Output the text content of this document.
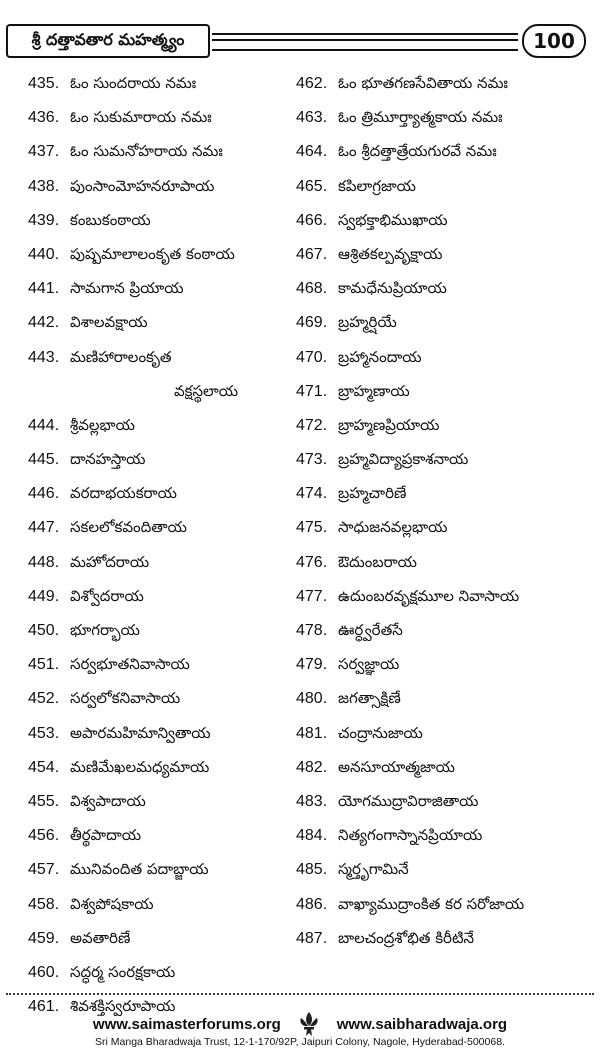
శ్రీ దత్తావతార మహత్మ్యం	100
435. ఓం సుందరాయ నమః
436. ఓం సుకుమారాయ నమః
437. ఓం సుమనోహరాయ నమః
438. పుంసాంమోహనరూపాయ
439. కంబుకంఠాయ
440. పుష్పమాలాలంకృత కంఠాయ
441. సామగాన ప్రియాయ
442. విశాలవక్షాయ
443. మణిహారాలంకృత
వక్షస్థలాయ
444. శ్రీవల్లభాయ
445. దానహస్తాయ
446. వరదాభయకరాయ
447. సకలలోకవందితాయ
448. మహోదరాయ
449. విశ్వోదరాయ
450. భూగర్భాయ
451. సర్వభూతనివాసాయ
452. సర్వలోకనివాసాయ
453. అపారమహిమాన్వితాయ
454. మణిమేఖలమధ్యమాయ
455. విశ్వపాదాయ
456. తీర్థపాదాయ
457. మునివందిత పదాబ్జాయ
458. విశ్వపోషకాయ
459. అవతారిణే
460. సద్ధర్మ సంరక్షకాయ
461. శివశక్తిస్వరూపాయ
462. ఓం భూతగణసేవితాయ నమః
463. ఓం త్రిమూర్త్యాత్మకాయ నమః
464. ఓం శ్రీదత్తాత్రేయగురవే నమః
465. కపిలాగ్రజాయ
466. స్వభక్తాభిముఖాయ
467. ఆశ్రితకల్పవృక్షాయ
468. కామధేనుప్రియాయ
469. బ్రహ్మర్షియే
470. బ్రహ్మానందాయ
471. బ్రాహ్మణాయ
472. బ్రాహ్మణప్రియాయ
473. బ్రహ్మవిద్యాప్రకాశనాయ
474. బ్రహ్మచారిణే
475. సాధుజనవల్లభాయ
476. ఔదుంబరాయ
477. ఉదుంబరవృక్షమూల నివాసాయ
478. ఊర్ధ్వరేతసే
479. సర్వజ్ఞాయ
480. జగత్సాక్షిణే
481. చంద్రానుజాయ
482. అనసూయాత్మజాయ
483. యోగముద్రావిరాజితాయ
484. నిత్యగంగాస్నానప్రియాయ
485. స్మర్తృగామినే
486. వాఖ్యాముద్రాంకిత కర సరోజాయ
487. బాలచంద్రశోభిత కిరీటినే
www.saimasterforums.org	www.saibharadwaja.org
Sri Manga Bharadwaja Trust, 12-1-170/92P, Jaipuri Colony, Nagole, Hyderabad-500068.
